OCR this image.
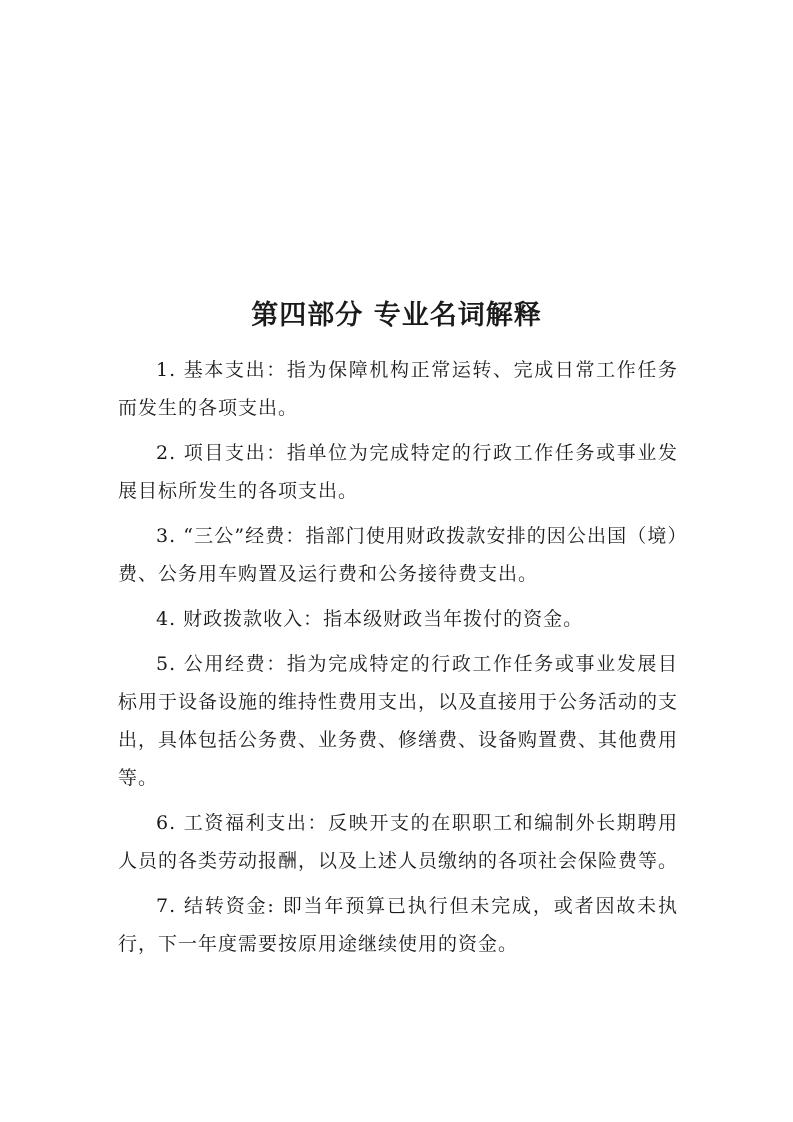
第四部分 专业名词解释

1. 基本支出：指为保障机构正常运转、完成日常工作任务而发生的各项支出。

2. 项目支出：指单位为完成特定的行政工作任务或事业发展目标所发生的各项支出。

3. “三公”经费：指部门使用财政拨款安排的因公出国（境）费、公务用车购置及运行费和公务接待费支出。

4. 财政拨款收入：指本级财政当年拨付的资金。

5. 公用经费：指为完成特定的行政工作任务或事业发展目标用于设备设施的维持性费用支出，以及直接用于公务活动的支出，具体包括公务费、业务费、修缮费、设备购置费、其他费用等。

6. 工资福利支出：反映开支的在职职工和编制外长期聘用人员的各类劳动报酬，以及上述人员缴纳的各项社会保险费等。

7. 结转资金: 即当年预算已执行但未完成，或者因故未执行，下一年度需要按原用途继续使用的资金。
